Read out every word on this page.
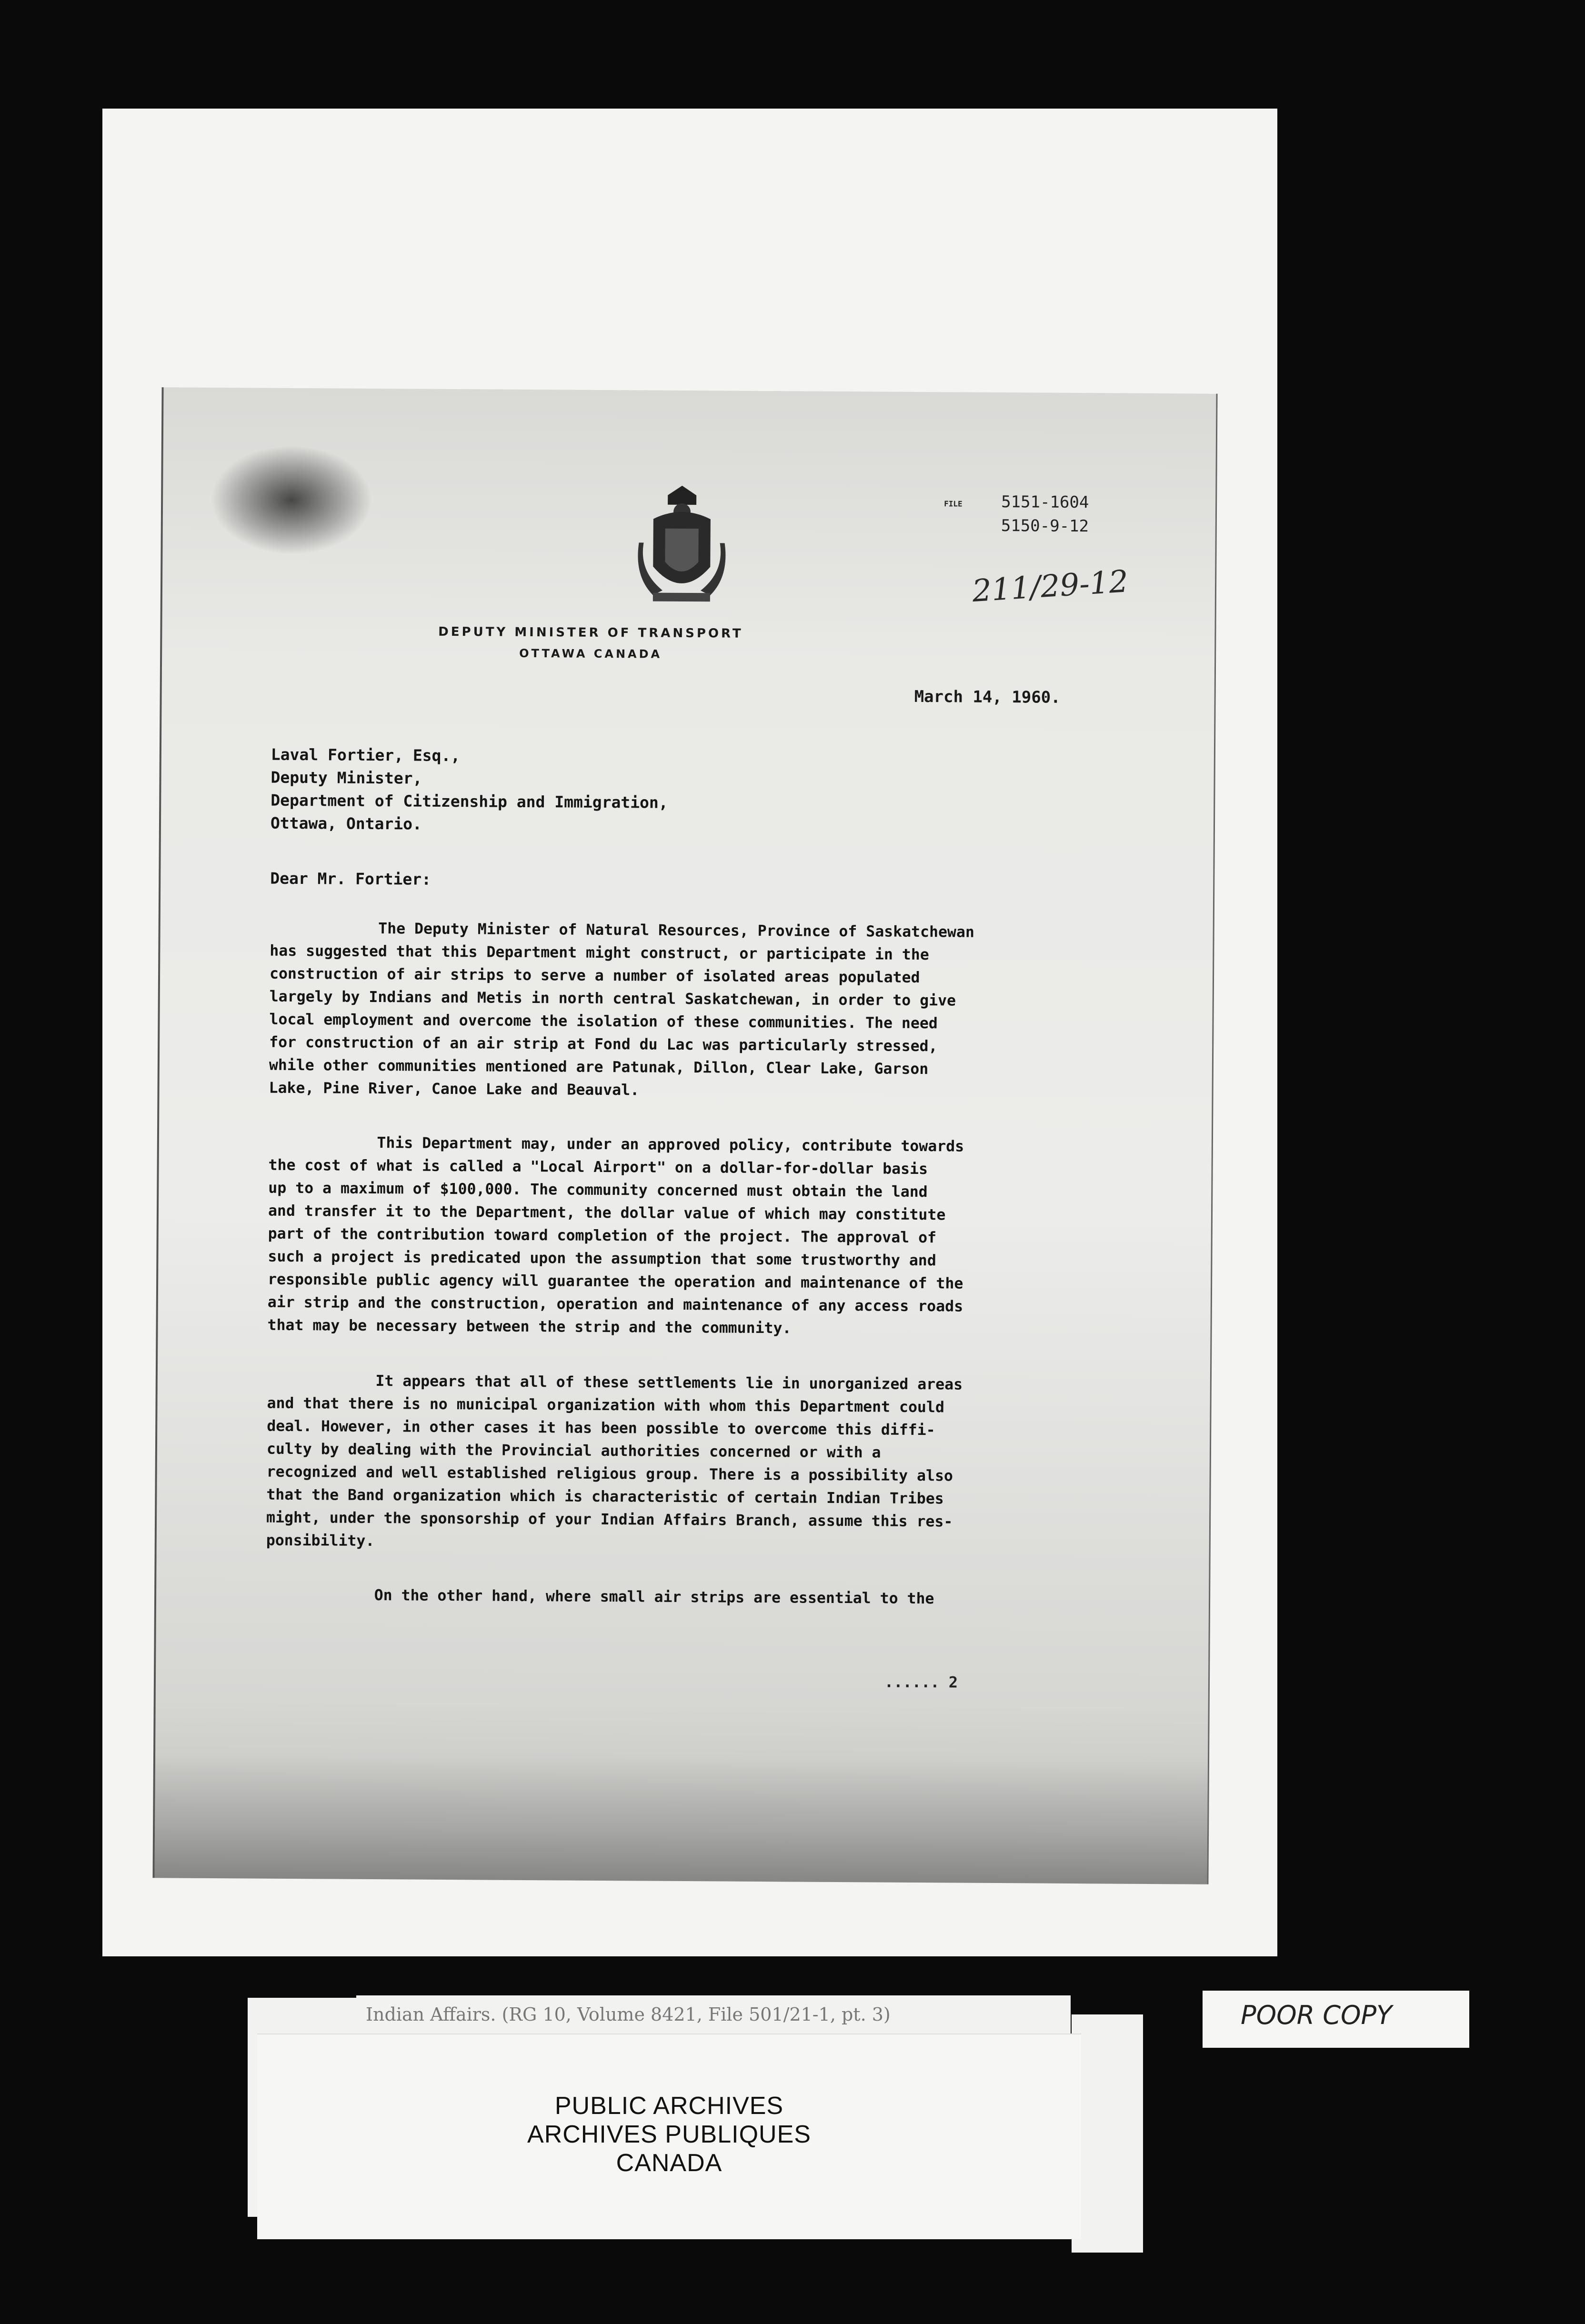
DEPUTY MINISTER OF TRANSPORT
OTTAWA CANADA
FILE 5151-1604
5150-9-12
211/29-12
March 14, 1960.
Laval Fortier, Esq.,
Deputy Minister,
Department of Citizenship and Immigration,
Ottawa, Ontario.
Dear Mr. Fortier:
The Deputy Minister of Natural Resources, Province of Saskatchewan
has suggested that this Department might construct, or participate in the
construction of air strips to serve a number of isolated areas populated
largely by Indians and Metis in north central Saskatchewan, in order to give
local employment and overcome the isolation of these communities. The need
for construction of an air strip at Fond du Lac was particularly stressed,
while other communities mentioned are Patunak, Dillon, Clear Lake, Garson
Lake, Pine River, Canoe Lake and Beauval.
This Department may, under an approved policy, contribute towards
the cost of what is called a "Local Airport" on a dollar-for-dollar basis
up to a maximum of $100,000. The community concerned must obtain the land
and transfer it to the Department, the dollar value of which may constitute
part of the contribution toward completion of the project. The approval of
such a project is predicated upon the assumption that some trustworthy and
responsible public agency will guarantee the operation and maintenance of the
air strip and the construction, operation and maintenance of any access roads
that may be necessary between the strip and the community.
It appears that all of these settlements lie in unorganized areas
and that there is no municipal organization with whom this Department could
deal. However, in other cases it has been possible to overcome this diffi-
culty by dealing with the Provincial authorities concerned or with a
recognized and well established religious group. There is a possibility also
that the Band organization which is characteristic of certain Indian Tribes
might, under the sponsorship of your Indian Affairs Branch, assume this res-
ponsibility.
On the other hand, where small air strips are essential to the
...... 2
Indian Affairs. (RG 10, Volume 8421, File 501/21-1, pt. 3)	POOR COPY
PUBLIC ARCHIVES
ARCHIVES PUBLIQUES
CANADA
